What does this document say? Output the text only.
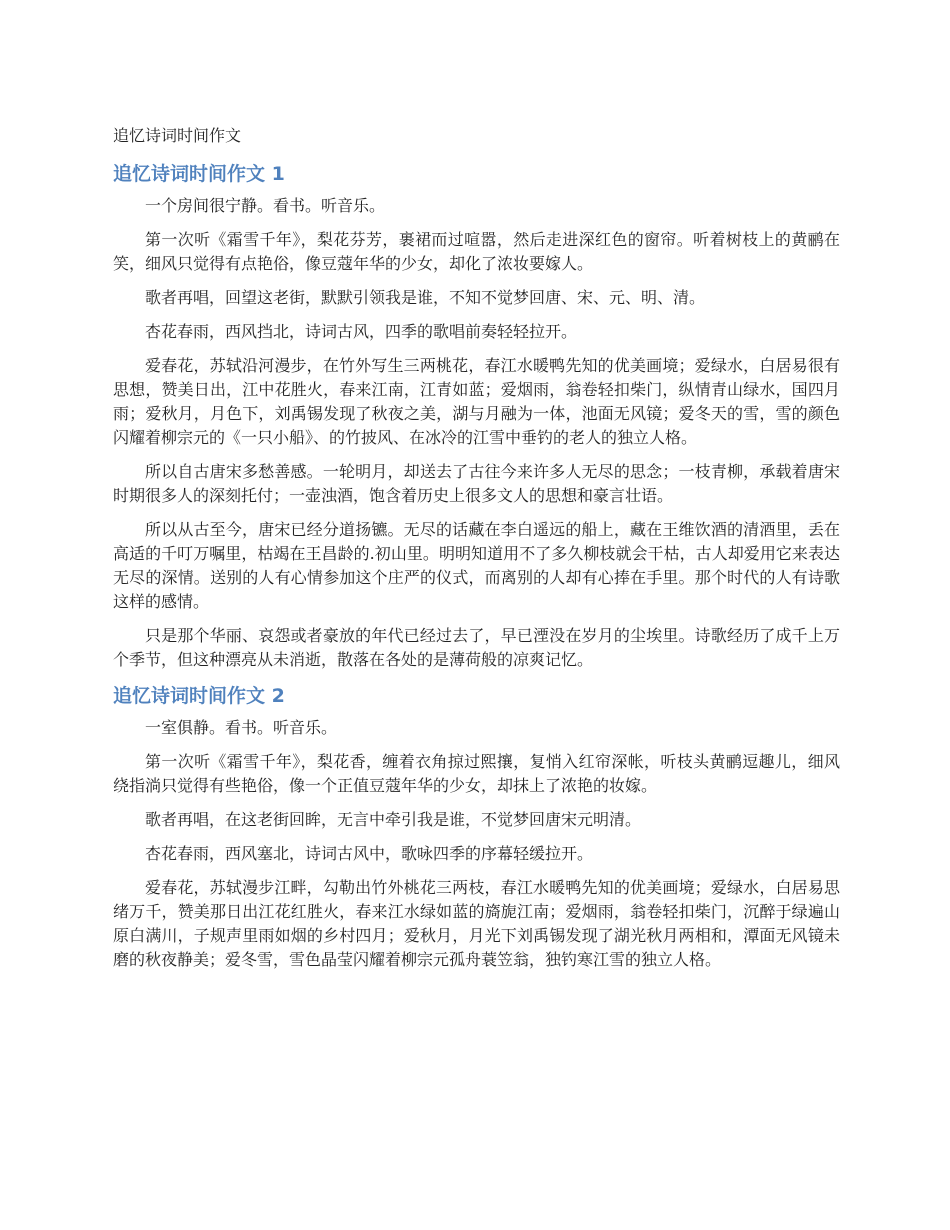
追忆诗词时间作文
追忆诗词时间作文 1

一个房间很宁静。看书。听音乐。

第一次听《霜雪千年》，梨花芬芳，裹裙而过喧嚣，然后走进深红色的窗帘。听着树枝上的黄鹂在笑，细风只觉得有点艳俗，像豆蔻年华的少女，却化了浓妆要嫁人。

歌者再唱，回望这老街，默默引领我是谁，不知不觉梦回唐、宋、元、明、清。

杏花春雨，西风挡北，诗词古风，四季的歌唱前奏轻轻拉开。

爱春花，苏轼沿河漫步，在竹外写生三两桃花，春江水暖鸭先知的优美画境；爱绿水，白居易很有思想，赞美日出，江中花胜火，春来江南，江青如蓝；爱烟雨，翁卷轻扣柴门，纵情青山绿水，国四月雨；爱秋月，月色下，刘禹锡发现了秋夜之美，湖与月融为一体，池面无风镜；爱冬天的雪，雪的颜色闪耀着柳宗元的《一只小船》、的竹披风、在冰冷的江雪中垂钓的老人的独立人格。

所以自古唐宋多愁善感。一轮明月，却送去了古往今来许多人无尽的思念；一枝青柳，承载着唐宋时期很多人的深刻托付；一壶浊酒，饱含着历史上很多文人的思想和豪言壮语。

所以从古至今，唐宋已经分道扬镳。无尽的话藏在李白遥远的船上，藏在王维饮酒的清酒里，丢在高适的千叮万嘱里，枯竭在王昌龄的.初山里。明明知道用不了多久柳枝就会干枯，古人却爱用它来表达无尽的深情。送别的人有心情参加这个庄严的仪式，而离别的人却有心捧在手里。那个时代的人有诗歌这样的感情。

只是那个华丽、哀怨或者豪放的年代已经过去了，早已湮没在岁月的尘埃里。诗歌经历了成千上万个季节，但这种漂亮从未消逝，散落在各处的是薄荷般的凉爽记忆。

追忆诗词时间作文 2

一室俱静。看书。听音乐。

第一次听《霜雪千年》，梨花香，缠着衣角掠过熙攘，复悄入红帘深帐，听枝头黄鹂逗趣儿，细风绕指淌只觉得有些艳俗，像一个正值豆蔻年华的少女，却抹上了浓艳的妆嫁。

歌者再唱，在这老街回眸，无言中牵引我是谁，不觉梦回唐宋元明清。

杏花春雨，西风塞北，诗词古风中，歌咏四季的序幕轻缓拉开。

爱春花，苏轼漫步江畔，勾勒出竹外桃花三两枝，春江水暖鸭先知的优美画境；爱绿水，白居易思绪万千，赞美那日出江花红胜火，春来江水绿如蓝的旖旎江南；爱烟雨，翁卷轻扣柴门，沉醉于绿遍山原白满川，子规声里雨如烟的乡村四月；爱秋月，月光下刘禹锡发现了湖光秋月两相和，潭面无风镜未磨的秋夜静美；爱冬雪，雪色晶莹闪耀着柳宗元孤舟蓑笠翁，独钓寒江雪的独立人格。
